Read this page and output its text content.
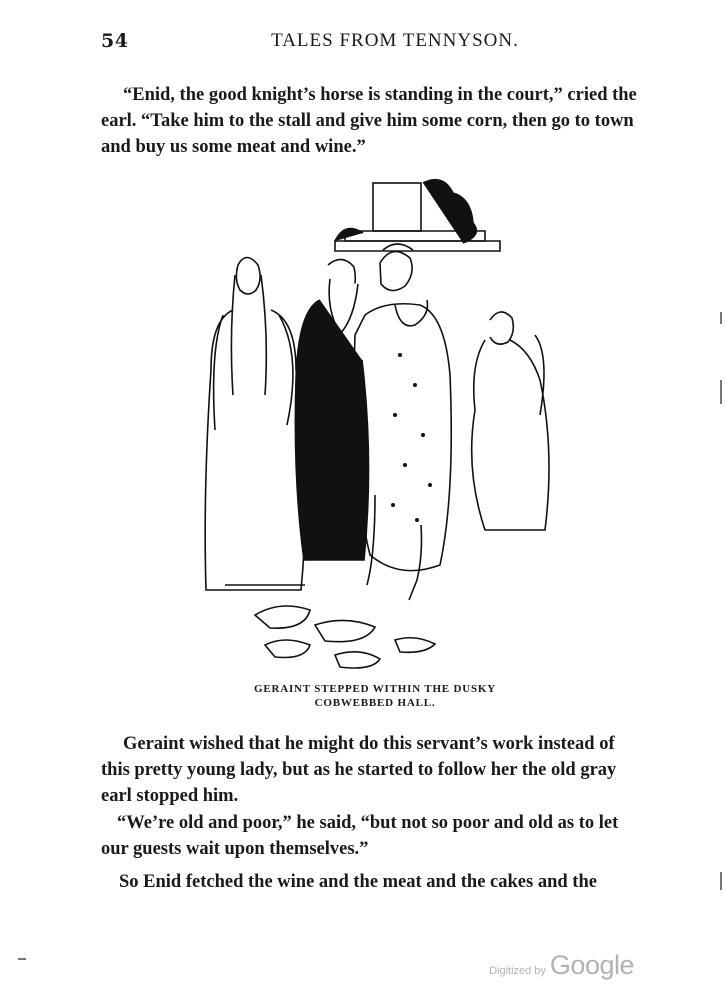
54	TALES FROM TENNYSON.

“Enid, the good knight’s horse is standing in the court,” cried the earl. “Take him to the stall and give him some corn, then go to town and buy us some meat and wine.”

GERAINT STEPPED WITHIN THE DUSKY
COBWEBBED HALL.

Geraint wished that he might do this servant’s work instead of this pretty young lady, but as he started to follow her the old gray earl stopped him.

“We’re old and poor,” he said, “but not so poor and old as to let our guests wait upon themselves.”

So Enid fetched the wine and the meat and the cakes and the

Digitized by Google
